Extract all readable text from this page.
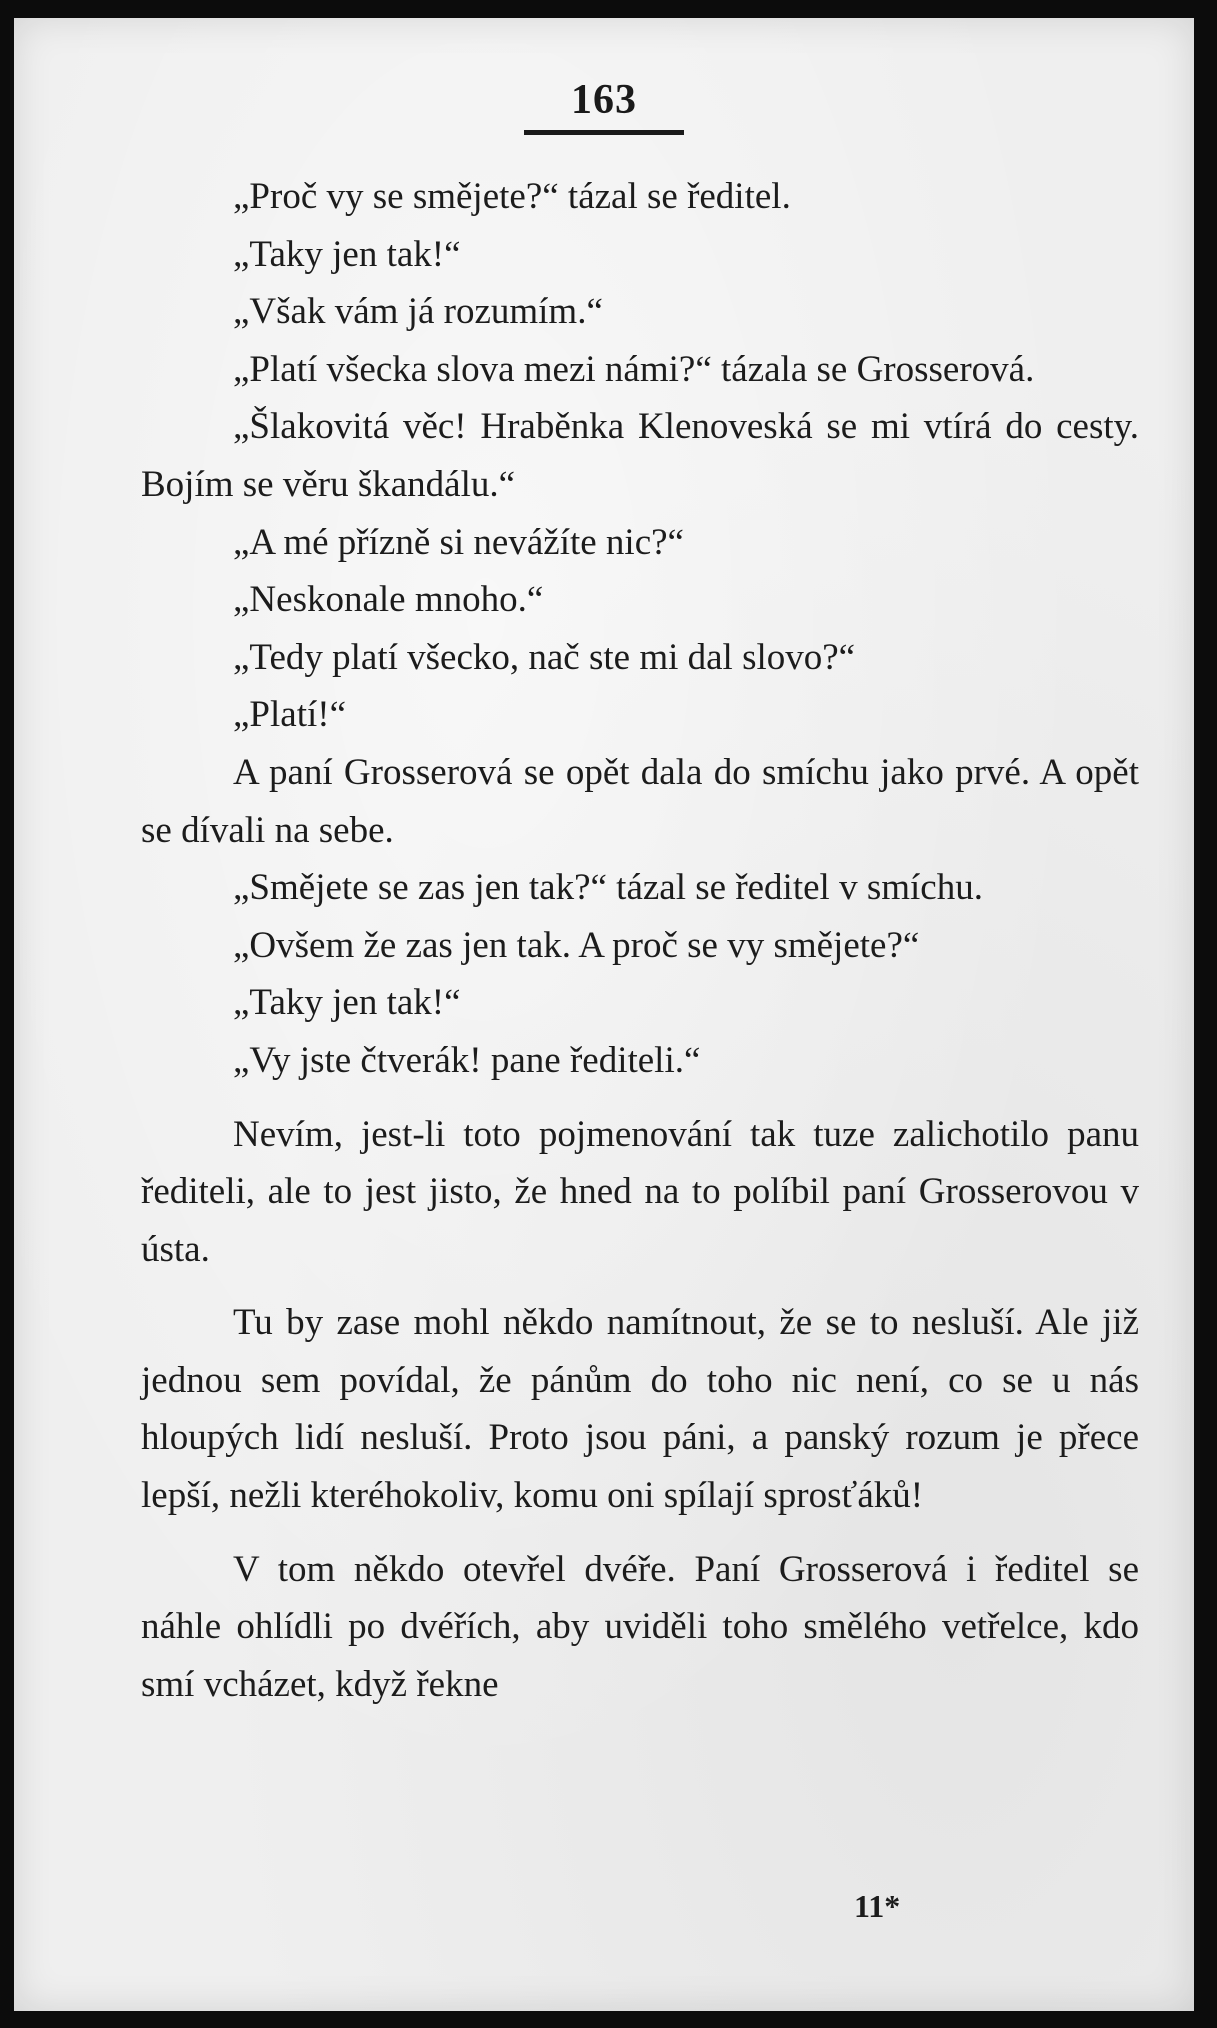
163

„Proč vy se smějete?“ tázal se ředitel.

„Taky jen tak!“

„Však vám já rozumím.“

„Platí všecka slova mezi námi?“ tázala se Grosserová.

„Šlakovitá věc! Hraběnka Klenoveská se mi vtírá do cesty. Bojím se věru škandálu.“

„A mé přízně si nevážíte nic?“

„Neskonale mnoho.“

„Tedy platí všecko, nač ste mi dal slovo?“

„Platí!“

A paní Grosserová se opět dala do smíchu jako prvé. A opět se dívali na sebe.

„Smějete se zas jen tak?“ tázal se ředitel v smíchu.

„Ovšem že zas jen tak. A proč se vy smějete?“

„Taky jen tak!“

„Vy jste čtverák! pane řediteli.“

Nevím, jest-li toto pojmenování tak tuze zalichotilo panu řediteli, ale to jest jisto, že hned na to políbil paní Grosserovou v ústa.

Tu by zase mohl někdo namítnout, že se to nesluší. Ale již jednou sem povídal, že pánům do toho nic není, co se u nás hloupých lidí nesluší. Proto jsou páni, a panský rozum je přece lepší, nežli kteréhokoliv, komu oni spílají sprosťáků!

V tom někdo otevřel dvéře. Paní Grosserová i ředitel se náhle ohlídli po dvéřích, aby uviděli toho smělého vetřelce, kdo smí vcházet, když řekne

11*
